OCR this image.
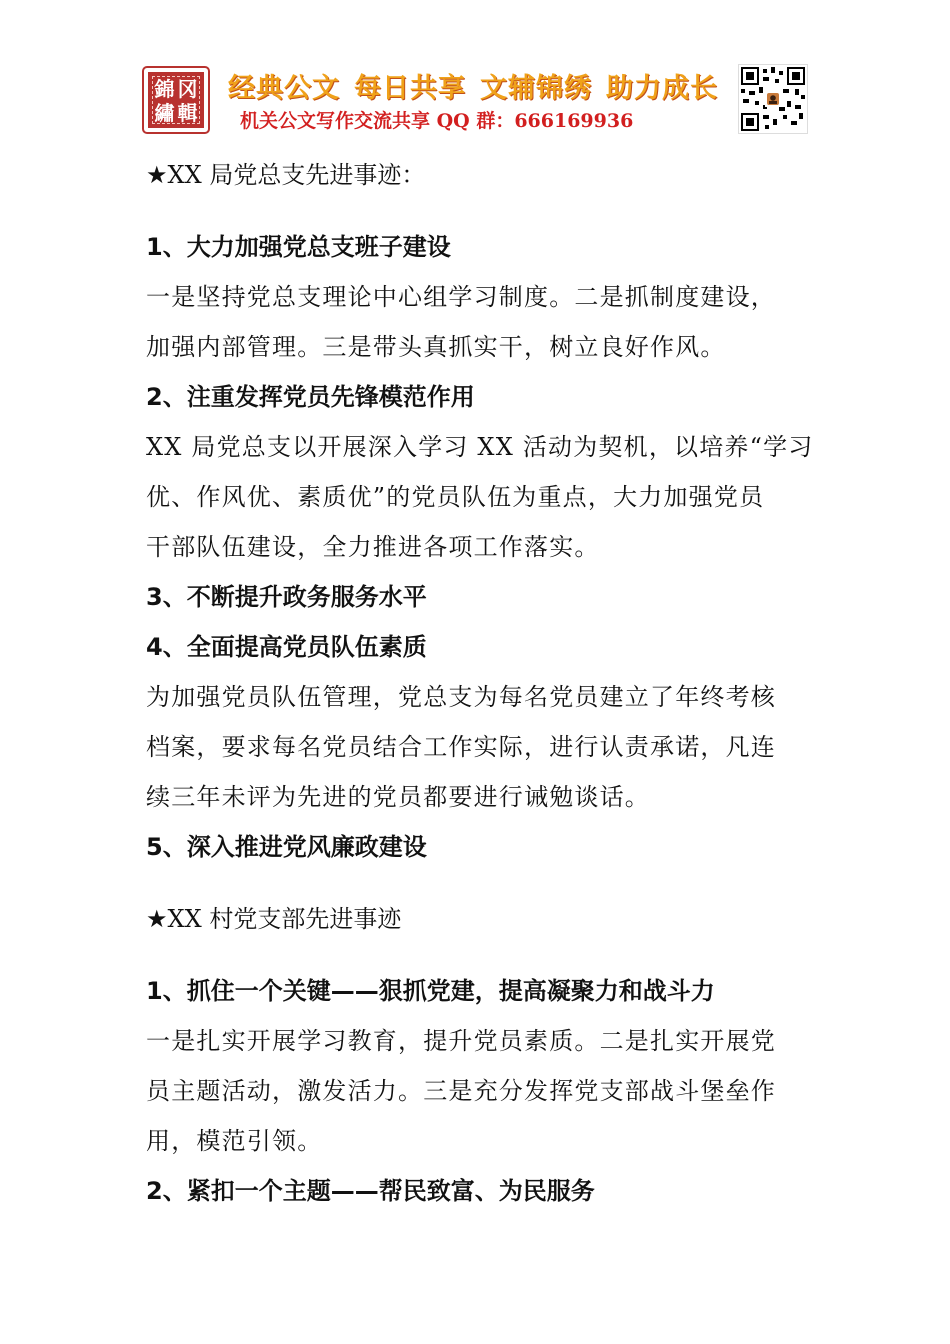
錦 冈
繡 輯
经典公文 每日共享 文辅锦绣 助力成长
机关公文写作交流共享 QQ 群：666169936
★XX 局党总支先进事迹：
1、大力加强党总支班子建设
一是坚持党总支理论中心组学习制度。二是抓制度建设，
加强内部管理。三是带头真抓实干，树立良好作风。
2、注重发挥党员先锋模范作用
XX 局党总支以开展深入学习 XX 活动为契机，以培养“学习
优、作风优、素质优”的党员队伍为重点，大力加强党员
干部队伍建设，全力推进各项工作落实。
3、不断提升政务服务水平
4、全面提高党员队伍素质
为加强党员队伍管理，党总支为每名党员建立了年终考核
档案，要求每名党员结合工作实际，进行认责承诺，凡连
续三年未评为先进的党员都要进行诫勉谈话。
5、深入推进党风廉政建设
★XX 村党支部先进事迹
1、抓住一个关键——狠抓党建，提高凝聚力和战斗力
一是扎实开展学习教育，提升党员素质。二是扎实开展党
员主题活动，激发活力。三是充分发挥党支部战斗堡垒作
用，模范引领。
2、紧扣一个主题——帮民致富、为民服务
